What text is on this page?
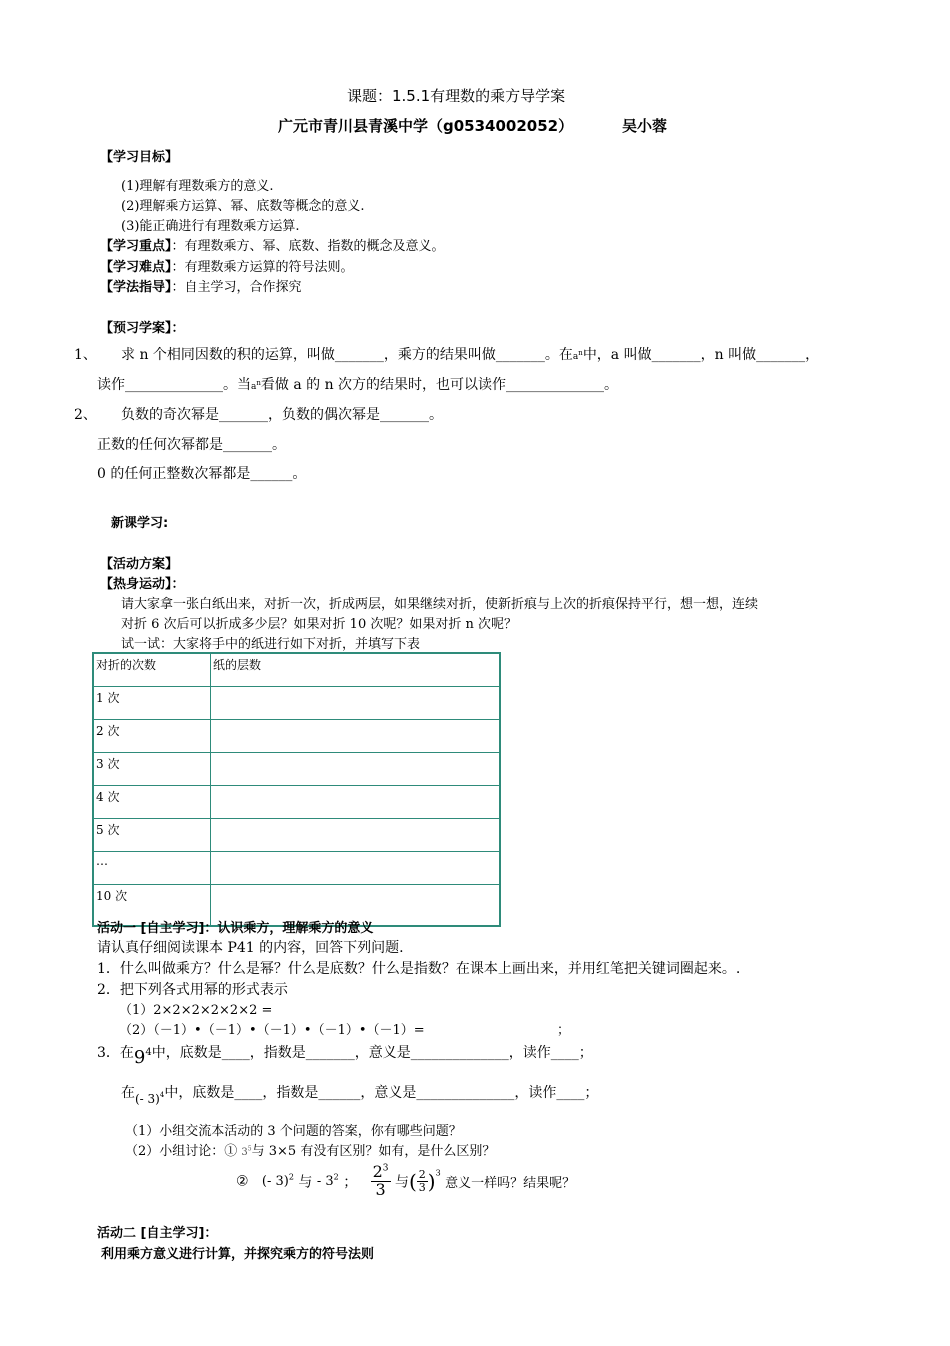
课题：1.5.1有理数的乘方导学案
广元市青川县青溪中学（g0534002052）	吴小蓉
【学习目标】
(1)理解有理数乘方的意义.
(2)理解乘方运算、幂、底数等概念的意义.
(3)能正确进行有理数乘方运算.
【学习重点】：有理数乘方、幂、底数、指数的概念及意义。
【学习难点】：有理数乘方运算的符号法则。
【学法指导】：自主学习，合作探究
【预习学案】：
1、 求 n 个相同因数的积的运算，叫做_______，乘方的结果叫做_______。在$a^n$中，a 叫做_______，n 叫做_______，
读作______________。当$a^n$看做 a 的 n 次方的结果时，也可以读作______________。
2、 负数的奇次幂是_______，负数的偶次幂是_______。
正数的任何次幂都是_______。
0 的任何正整数次幂都是______。
新课学习:
【活动方案】
【热身运动】：
请大家拿一张白纸出来，对折一次，折成两层，如果继续对折，使新折痕与上次的折痕保持平行，想一想，连续
对折 6 次后可以折成多少层？如果对折 10 次呢？如果对折 n 次呢？
试一试：大家将手中的纸进行如下对折，并填写下表
对折的次数	纸的层数
1 次	
2 次	
3 次	
4 次	
5 次	
…	
10 次	
活动一 [自主学习]：认识乘方，理解乘方的意义
请认真仔细阅读课本 P41 的内容，回答下列问题.
1．什么叫做乘方？什么是幂？什么是底数？什么是指数？在课本上画出来，并用红笔把关键词圈起来。.
2．把下列各式用幂的形式表示
（1）2×2×2×2×2×2 =
（2）（－1）•（－1）•（－1）•（－1）•（－1）=	；
3．在$9^4$中，底数是____，指数是_______，意义是______________，读作____；
在(- 3)$^4$中，底数是____，指数是______，意义是______________，读作____；
（1）小组交流本活动的 3 个问题的答案，你有哪些问题？
（2）小组讨论：① $3^5$与 3×5 有没有区别？如有，是什么区别？
② (- 3)$^2$ 与 - $3^2$ ； $\frac{2^3}{3}$ 与( $\frac{2}{3} )^3$ 意义一样吗？结果呢？
活动二 [自主学习]：
利用乘方意义进行计算，并探究乘方的符号法则
